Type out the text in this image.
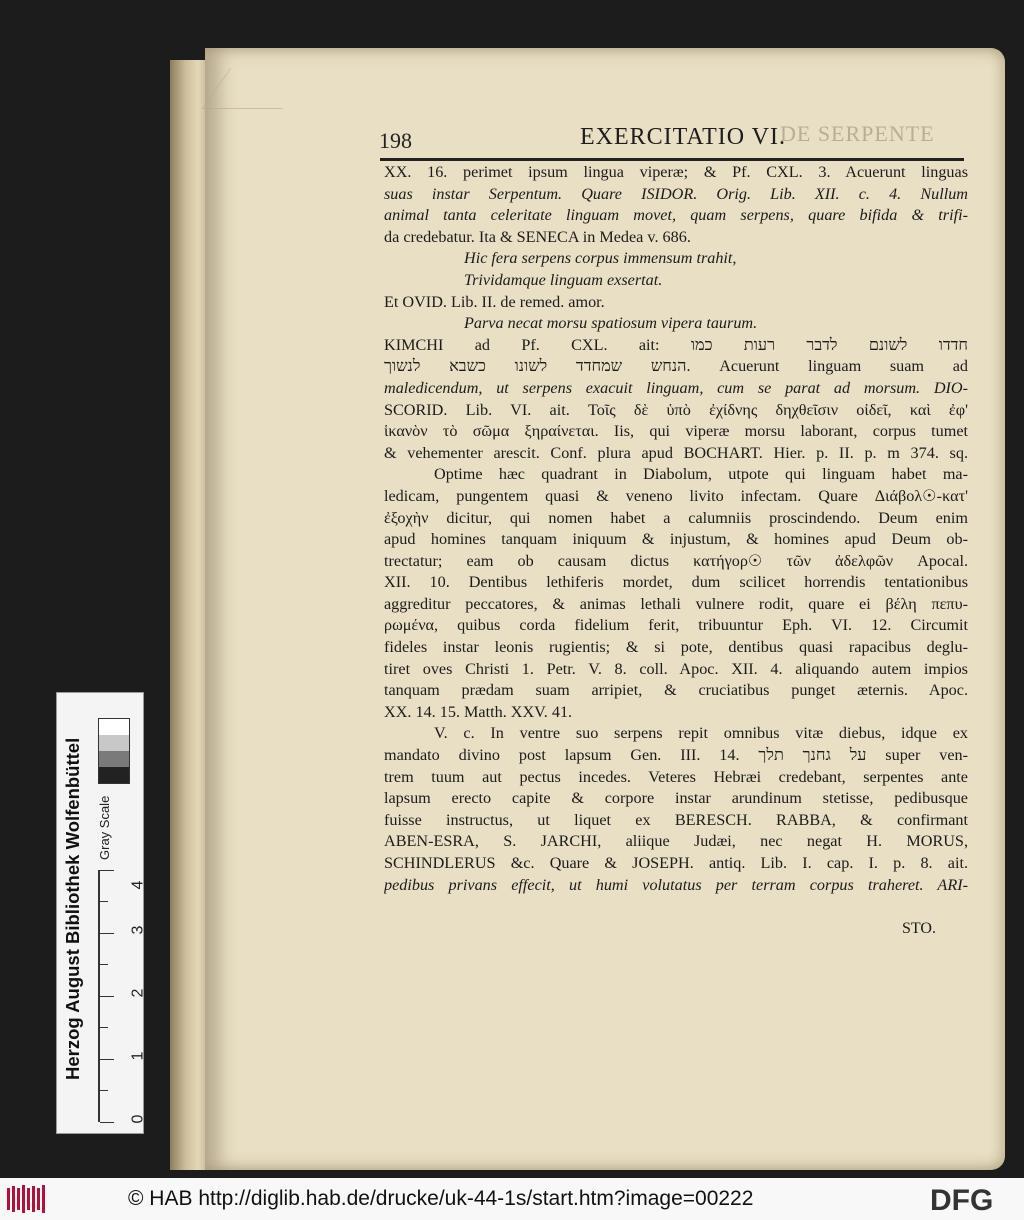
198	EXERCITATIO VI.
DE SERPENTE
XX. 16. perimet ipsum lingua viperæ; & Pf. CXL. 3. Acuerunt linguas
suas instar Serpentum. Quare ISIDOR. Orig. Lib. XII. c. 4. Nullum
animal tanta celeritate linguam movet, quam serpens, quare bifida & trifi-
da credebatur. Ita & SENECA in Medea v. 686.
Hic fera serpens corpus immensum trahit,
Trividamque linguam exsertat.
Et OVID. Lib. II. de remed. amor.
Parva necat morsu spatiosum vipera taurum.
KIMCHI ad Pf. CXL. ait: חדדו לשונם לדבר רעות כמו
הנחש שמחדד לשונו כשבא לנשוך. Acuerunt linguam suam ad
maledicendum, ut serpens exacuit linguam, cum se parat ad morsum. DIO-
SCORID. Lib. VI. ait. Τοῖς δὲ ὑπὸ ἐχίδνης δηχθεῖσιν οἰδεῖ, καὶ ἐφ'
ἱκανὸν τὸ σῶμα ξηραίνεται. Iis, qui viperæ morsu laborant, corpus tumet
& vehementer arescit. Conf. plura apud BOCHART. Hier. p. II. p. m 374. sq.
Optime hæc quadrant in Diabolum, utpote qui linguam habet ma-
ledicam, pungentem quasi & veneno livito infectam. Quare Διάβολ☉-κατ'
ἐξοχὴν dicitur, qui nomen habet a calumniis proscindendo. Deum enim
apud homines tanquam iniquum & injustum, & homines apud Deum ob-
trectatur; eam ob causam dictus κατήγορ☉ τῶν ἀδελφῶν Apocal.
XII. 10. Dentibus lethiferis mordet, dum scilicet horrendis tentationibus
aggreditur peccatores, & animas lethali vulnere rodit, quare ei βέλη πεπυ-
ρωμένα, quibus corda fidelium ferit, tribuuntur Eph. VI. 12. Circumit
fideles instar leonis rugientis; & si pote, dentibus quasi rapacibus deglu-
tiret oves Christi 1. Petr. V. 8. coll. Apoc. XII. 4. aliquando autem impios
tanquam prædam suam arripiet, & cruciatibus punget æternis. Apoc.
XX. 14. 15. Matth. XXV. 41.
V. c. In ventre suo serpens repit omnibus vitæ diebus, idque ex
mandato divino post lapsum Gen. III. 14. על גחנך תלך super ven-
trem tuum aut pectus incedes. Veteres Hebræi credebant, serpentes ante
lapsum erecto capite & corpore instar arundinum stetisse, pedibusque
fuisse instructus, ut liquet ex BERESCH. RABBA, & confirmant
ABEN-ESRA, S. JARCHI, aliique Judæi, nec negat H. MORUS,
SCHINDLERUS &c. Quare & JOSEPH. antiq. Lib. I. cap. I. p. 8. ait.
pedibus privans effecit, ut humi volutatus per terram corpus traheret. ARI-
STO.
Herzog August Bibliothek Wolfenbüttel Gray Scale
0
1
2
3
4
© HAB http://diglib.hab.de/drucke/uk-44-1s/start.htm?image=00222	DFG
